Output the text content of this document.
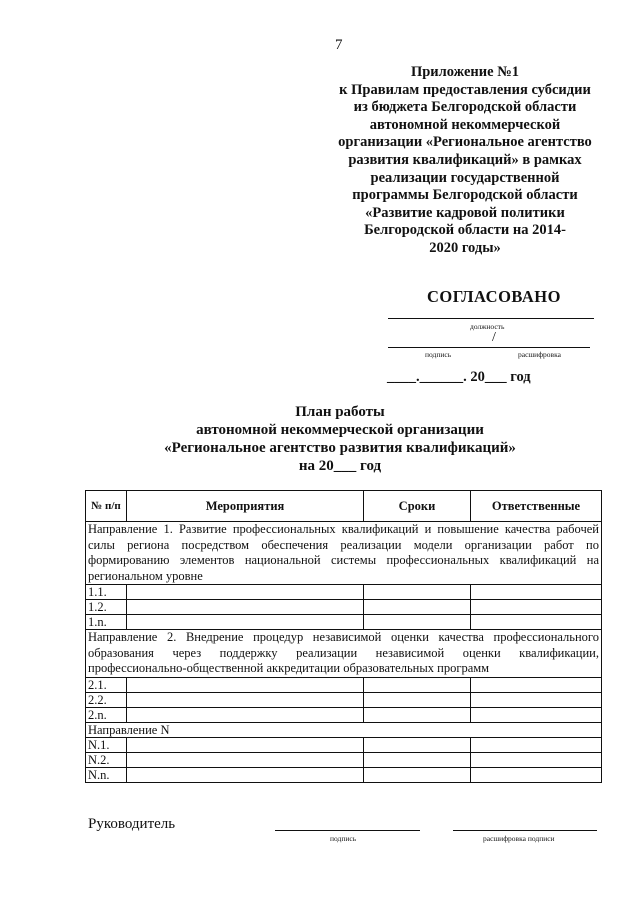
7
Приложение №1
к Правилам предоставления субсидии
из бюджета Белгородской области
автономной некоммерческой
организации «Региональное агентство
развития квалификаций» в рамках
реализации государственной
программы Белгородской области
«Развитие кадровой политики
Белгородской области на 2014-
2020 годы»
СОГЛАСОВАНО
должность
/
подпись	расшифровка
____.______. 20___ год
План работы
автономной некоммерческой организации
«Региональное агентство развития квалификаций»
на 20___ год
№ п/п	Мероприятия	Сроки	Ответственные
Направление 1. Развитие профессиональных квалификаций и повышение качества рабочей силы региона посредством обеспечения реализации модели организации работ по формированию элементов национальной системы профессиональных квалификаций на региональном уровне			
1.1.			
1.2.			
1.n.			
Направление 2. Внедрение процедур независимой оценки качества профессионального образования через поддержку реализации независимой оценки квалификации, профессионально-общественной аккредитации образовательных программ			
2.1.			
2.2.			
2.n.			
Направление N			
N.1.			
N.2.			
N.n.			
Руководитель
подпись	расшифровка подписи
